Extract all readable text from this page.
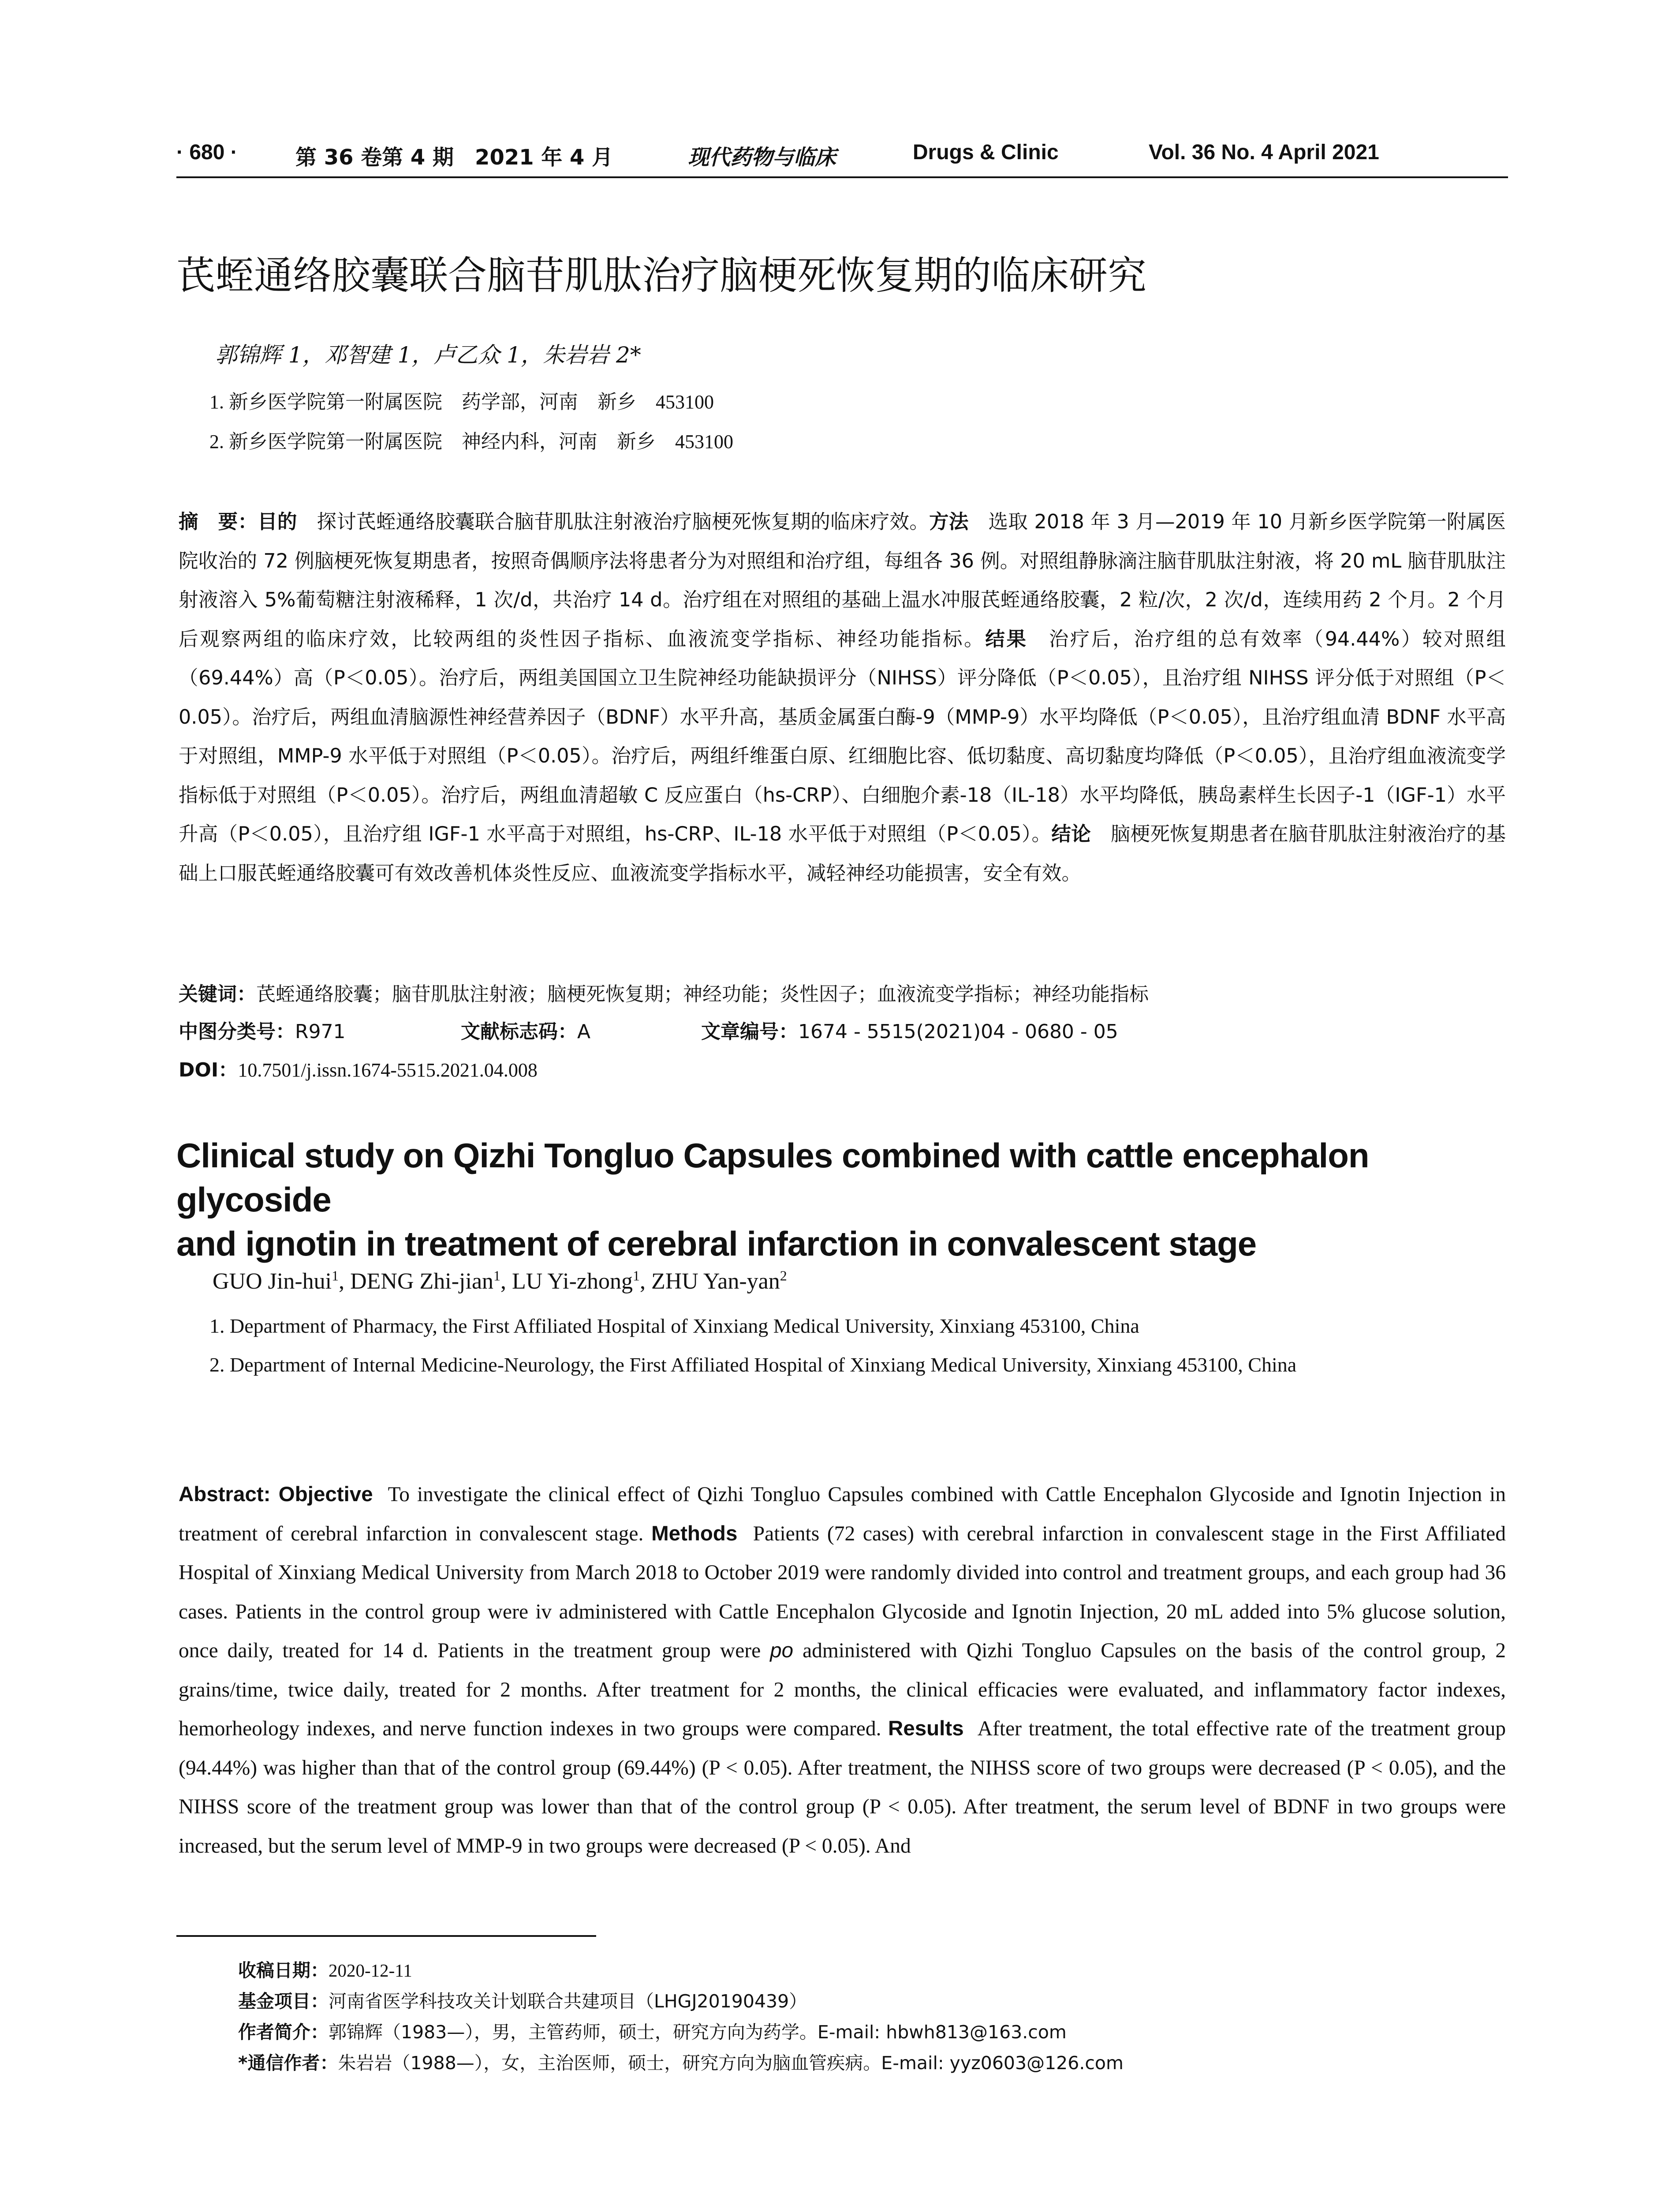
· 680 ·	第 36 卷第 4 期　2021 年 4 月	现代药物与临床	Drugs & Clinic	Vol. 36 No. 4 April 2021
芪蛭通络胶囊联合脑苷肌肽治疗脑梗死恢复期的临床研究
郭锦辉 1，邓智建 1，卢乙众 1，朱岩岩 2*
1. 新乡医学院第一附属医院　药学部，河南　新乡　453100
2. 新乡医学院第一附属医院　神经内科，河南　新乡　453100
摘　要：目的　 探讨芪蛭通络胶囊联合脑苷肌肽注射液治疗脑梗死恢复期的临床疗效。方法　 选取 2018 年 3 月—2019 年 10 月新乡医学院第一附属医院收治的 72 例脑梗死恢复期患者，按照奇偶顺序法将患者分为对照组和治疗组，每组各 36 例。对照组静脉滴注脑苷肌肽注射液，将 20 mL 脑苷肌肽注射液溶入 5%葡萄糖注射液稀释，1 次/d，共治疗 14 d。治疗组在对照组的基础上温水冲服芪蛭通络胶囊，2 粒/次，2 次/d，连续用药 2 个月。2 个月后观察两组的临床疗效，比较两组的炎性因子指标、血液流变学指标、神经功能指标。结果　 治疗后，治疗组的总有效率（94.44%）较对照组（69.44%）高（P＜0.05）。治疗后，两组美国国立卫生院神经功能缺损评分（NIHSS）评分降低（P＜0.05），且治疗组 NIHSS 评分低于对照组（P＜0.05）。治疗后，两组血清脑源性神经营养因子（BDNF）水平升高，基质金属蛋白酶-9（MMP-9）水平均降低（P＜0.05），且治疗组血清 BDNF 水平高于对照组，MMP-9 水平低于对照组（P＜0.05）。治疗后，两组纤维蛋白原、红细胞比容、低切黏度、高切黏度均降低（P＜0.05），且治疗组血液流变学指标低于对照组（P＜0.05）。治疗后，两组血清超敏 C 反应蛋白（hs-CRP）、白细胞介素-18（IL-18）水平均降低，胰岛素样生长因子-1（IGF-1）水平升高（P＜0.05），且治疗组 IGF-1 水平高于对照组，hs-CRP、IL-18 水平低于对照组（P＜0.05）。结论　 脑梗死恢复期患者在脑苷肌肽注射液治疗的基础上口服芪蛭通络胶囊可有效改善机体炎性反应、血液流变学指标水平，减轻神经功能损害，安全有效。
关键词：芪蛭通络胶囊；脑苷肌肽注射液；脑梗死恢复期；神经功能；炎性因子；血液流变学指标；神经功能指标
中图分类号：R971	文献标志码：A	文章编号：1674 - 5515(2021)04 - 0680 - 05
DOI：10.7501/j.issn.1674-5515.2021.04.008
Clinical study on Qizhi Tongluo Capsules combined with cattle encephalon glycoside
and ignotin in treatment of cerebral infarction in convalescent stage
GUO Jin-hui$^1$, DENG Zhi-jian$^1$, LU Yi-zhong$^1$, ZHU Yan-yan$^2$
1. Department of Pharmacy, the First Affiliated Hospital of Xinxiang Medical University, Xinxiang 453100, China
2. Department of Internal Medicine-Neurology, the First Affiliated Hospital of Xinxiang Medical University, Xinxiang 453100, China
Abstract: Objective To investigate the clinical effect of Qizhi Tongluo Capsules combined with Cattle Encephalon Glycoside and Ignotin Injection in treatment of cerebral infarction in convalescent stage. Methods Patients (72 cases) with cerebral infarction in convalescent stage in the First Affiliated Hospital of Xinxiang Medical University from March 2018 to October 2019 were randomly divided into control and treatment groups, and each group had 36 cases. Patients in the control group were iv administered with Cattle Encephalon Glycoside and Ignotin Injection, 20 mL added into 5% glucose solution, once daily, treated for 14 d. Patients in the treatment group were po administered with Qizhi Tongluo Capsules on the basis of the control group, 2 grains/time, twice daily, treated for 2 months. After treatment for 2 months, the clinical efficacies were evaluated, and inflammatory factor indexes, hemorheology indexes, and nerve function indexes in two groups were compared. Results After treatment, the total effective rate of the treatment group (94.44%) was higher than that of the control group (69.44%) (P < 0.05). After treatment, the NIHSS score of two groups were decreased (P < 0.05), and the NIHSS score of the treatment group was lower than that of the control group (P < 0.05). After treatment, the serum level of BDNF in two groups were increased, but the serum level of MMP-9 in two groups were decreased (P < 0.05). And
收稿日期：2020-12-11
基金项目：河南省医学科技攻关计划联合共建项目（LHGJ20190439）
作者简介：郭锦辉（1983—），男，主管药师，硕士，研究方向为药学。E-mail: hbwh813@163.com
*通信作者：朱岩岩（1988—），女，主治医师，硕士，研究方向为脑血管疾病。E-mail: yyz0603@126.com
